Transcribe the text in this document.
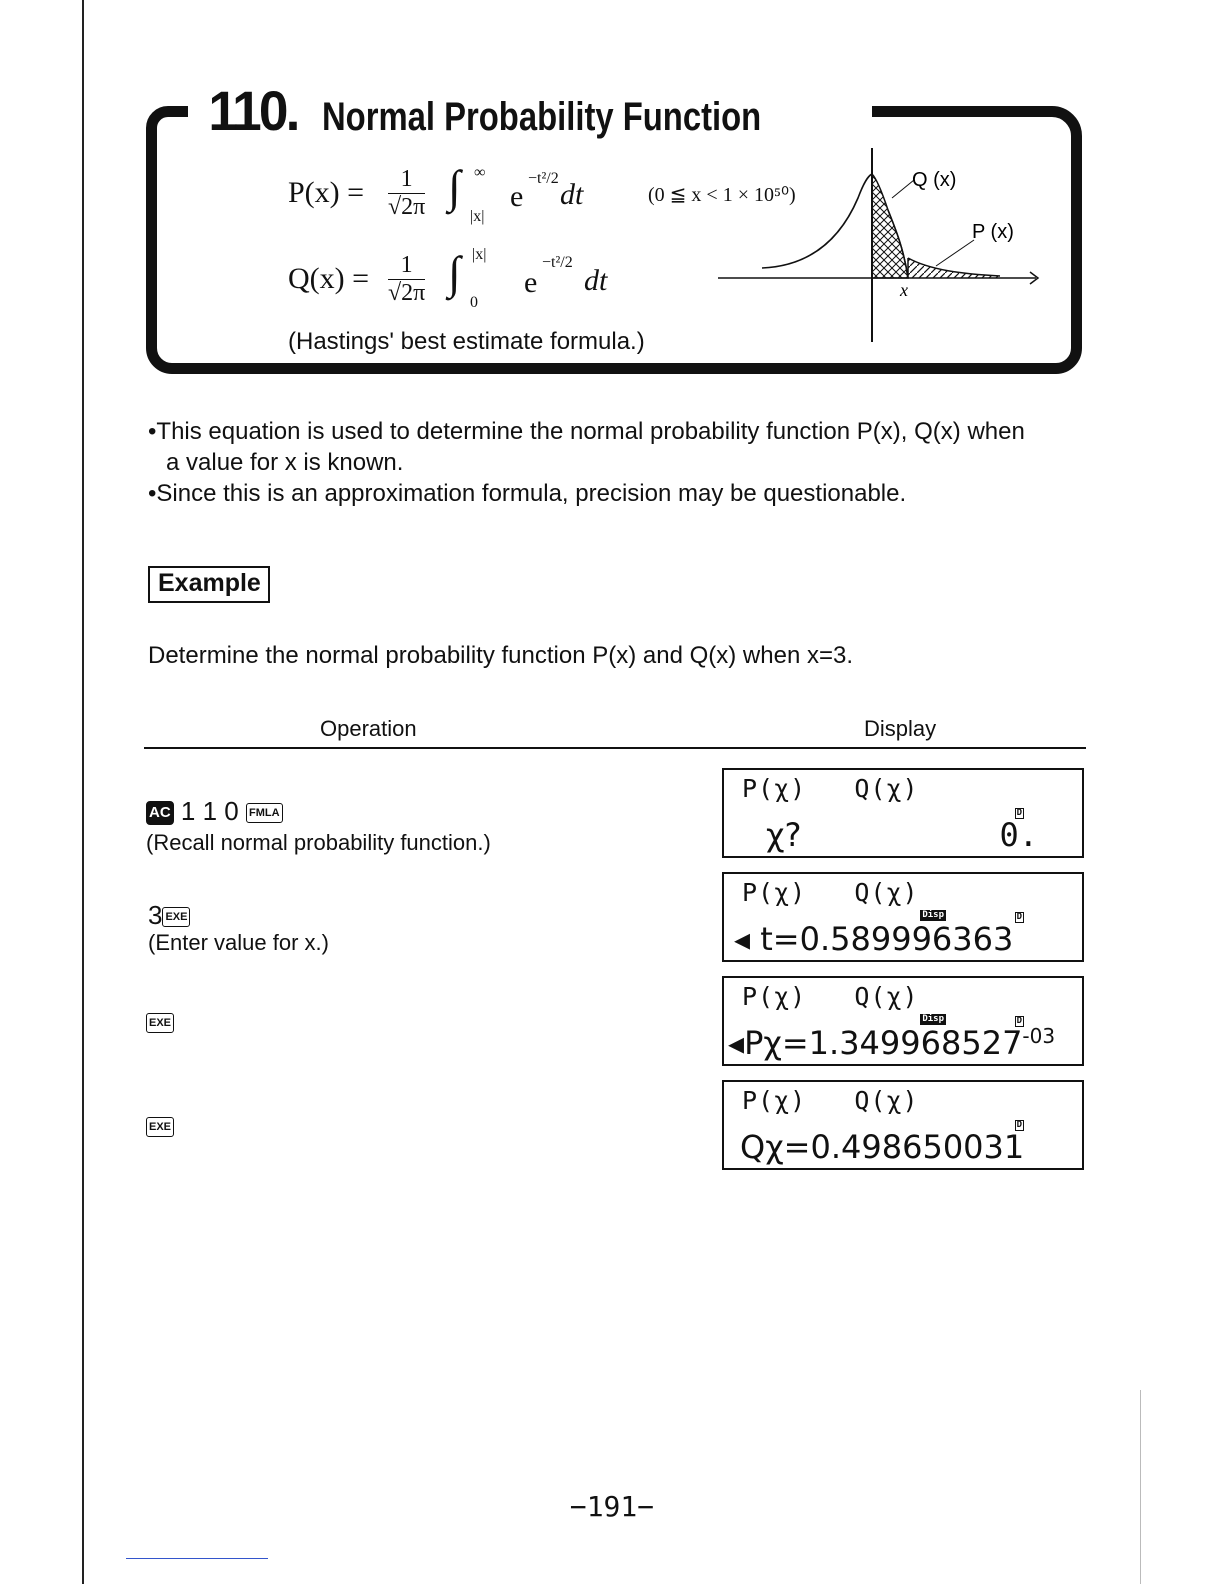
110. Normal Probability Function
$P(x) = \frac{1}{√2\pi}$ ∫ ∞
|x|
e
−t²/2 dt	(0 ≦ x < 1 × 10⁵⁰)
$Q(x) = \frac{1}{√2\pi}$ ∫ |x|
0
e
−t²/2
dt
(Hastings' best estimate formula.)
Q (x)
P (x)
x

•This equation is used to determine the normal probability function P(x), Q(x) when

a value for x is known.

•Since this is an approximation formula, precision may be questionable.

Example
Determine the normal probability function P(x) and Q(x) when x=3.
Operation	Display
AC 1 1 0 FMLA
(Recall normal probability function.)
P(χ)   Q(χ)
D
χ?	0.
3 EXE
(Enter value for x.)
P(χ)   Q(χ)
Disp	D
◂ t=0.589996363
EXE
P(χ)   Q(χ)
Disp	D
$◂P\chi=1.349968527^{-03}$
EXE
P(χ)   Q(χ)
D
Qχ=0.498650031
−191−
